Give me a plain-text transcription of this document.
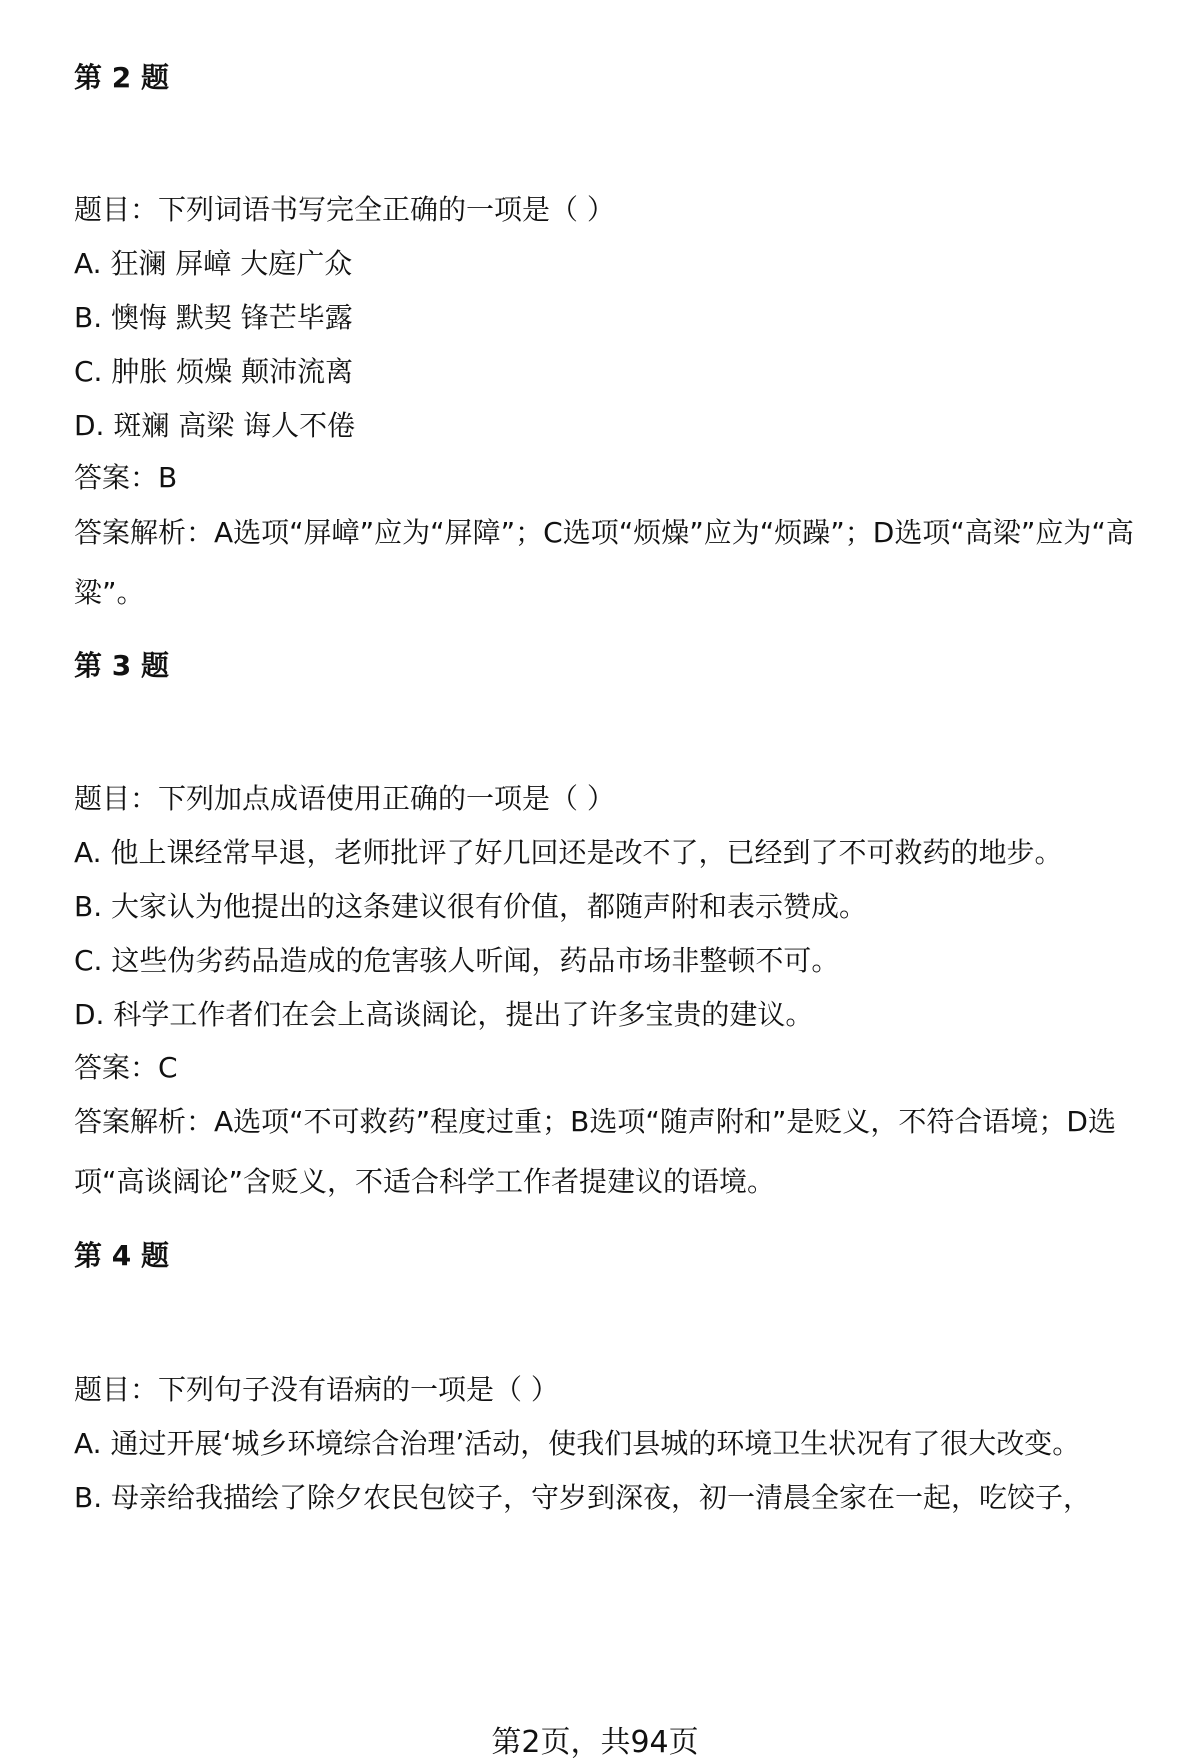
第 2 题
题目：下列词语书写完全正确的一项是（ ）
A. 狂澜 屏嶂 大庭广众
B. 懊悔 默契 锋芒毕露
C. 肿胀 烦燥 颠沛流离
D. 斑斓 高梁 诲人不倦
答案：B
答案解析：A选项“屏嶂”应为“屏障”；C选项“烦燥”应为“烦躁”；D选项“高梁”应为“高粱”。
第 3 题
题目：下列加点成语使用正确的一项是（ ）
A. 他上课经常早退，老师批评了好几回还是改不了，已经到了不可救药的地步。
B. 大家认为他提出的这条建议很有价值，都随声附和表示赞成。
C. 这些伪劣药品造成的危害骇人听闻，药品市场非整顿不可。
D. 科学工作者们在会上高谈阔论，提出了许多宝贵的建议。
答案：C
答案解析：A选项“不可救药”程度过重；B选项“随声附和”是贬义，不符合语境；D选项“高谈阔论”含贬义，不适合科学工作者提建议的语境。
第 4 题
题目：下列句子没有语病的一项是（ ）
A. 通过开展‘城乡环境综合治理’活动，使我们县城的环境卫生状况有了很大改变。
B. 母亲给我描绘了除夕农民包饺子，守岁到深夜，初一清晨全家在一起，吃饺子，
第2页，共94页
